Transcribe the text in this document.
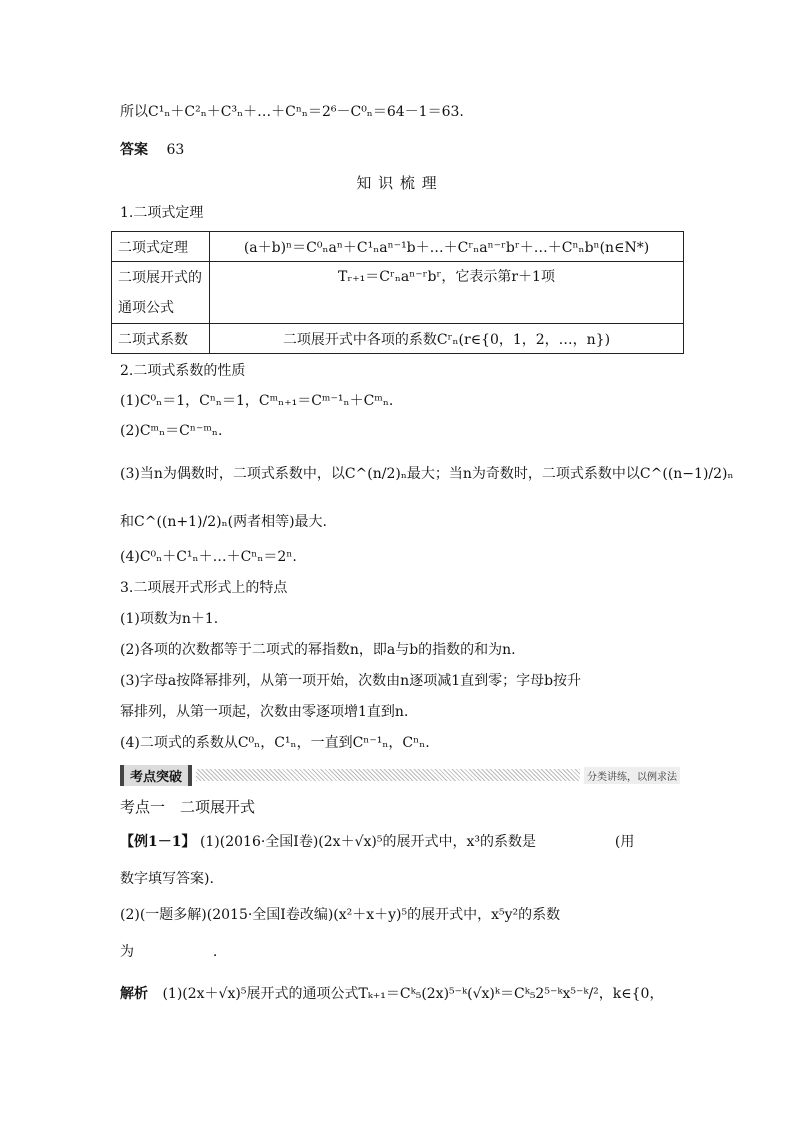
所以C¹ₙ＋C²ₙ＋C³ₙ＋…＋Cⁿₙ＝2⁶－C⁰ₙ＝64－1＝63.
答案 63
知 识 梳 理
1.二项式定理
二项式定理	(a＋b)ⁿ＝C⁰ₙaⁿ＋C¹ₙaⁿ⁻¹b＋…＋Cʳₙaⁿ⁻ʳbʳ＋…＋Cⁿₙbⁿ(n∈N*)
二项展开式的通项公式	Tᵣ₊₁＝Cʳₙaⁿ⁻ʳbʳ，它表示第r＋1项
二项式系数	二项展开式中各项的系数Cʳₙ(r∈{0，1，2，…，n})
2.二项式系数的性质
(1)C⁰ₙ＝1，Cⁿₙ＝1，Cᵐₙ₊₁＝Cᵐ⁻¹ₙ＋Cᵐₙ.
(2)Cᵐₙ＝Cⁿ⁻ᵐₙ.
(3)当n为偶数时，二项式系数中，以C^(n/2)ₙ最大；当n为奇数时，二项式系数中以C^((n−1)/2)ₙ
和C^((n+1)/2)ₙ(两者相等)最大.
(4)C⁰ₙ＋C¹ₙ＋…＋Cⁿₙ＝2ⁿ.
3.二项展开式形式上的特点
(1)项数为n＋1.
(2)各项的次数都等于二项式的幂指数n，即a与b的指数的和为n.
(3)字母a按降幂排列，从第一项开始，次数由n逐项减1直到零；字母b按升
幂排列，从第一项起，次数由零逐项增1直到n.
(4)二项式的系数从C⁰ₙ，C¹ₙ，一直到Cⁿ⁻¹ₙ，Cⁿₙ.
考点突破	分类讲练，以例求法
考点一　二项展开式
【例1－1】 (1)(2016·全国Ⅰ卷)(2x＋√x)⁵的展开式中，x³的系数是	(用
数字填写答案).
(2)(一题多解)(2015·全国Ⅰ卷改编)(x²＋x＋y)⁵的展开式中，x⁵y²的系数
为	.
解析 (1)(2x＋√x)⁵展开式的通项公式Tₖ₊₁＝Cᵏ₅(2x)⁵⁻ᵏ(√x)ᵏ＝Cᵏ₅2⁵⁻ᵏx⁵⁻ᵏ/²，k∈{0，
